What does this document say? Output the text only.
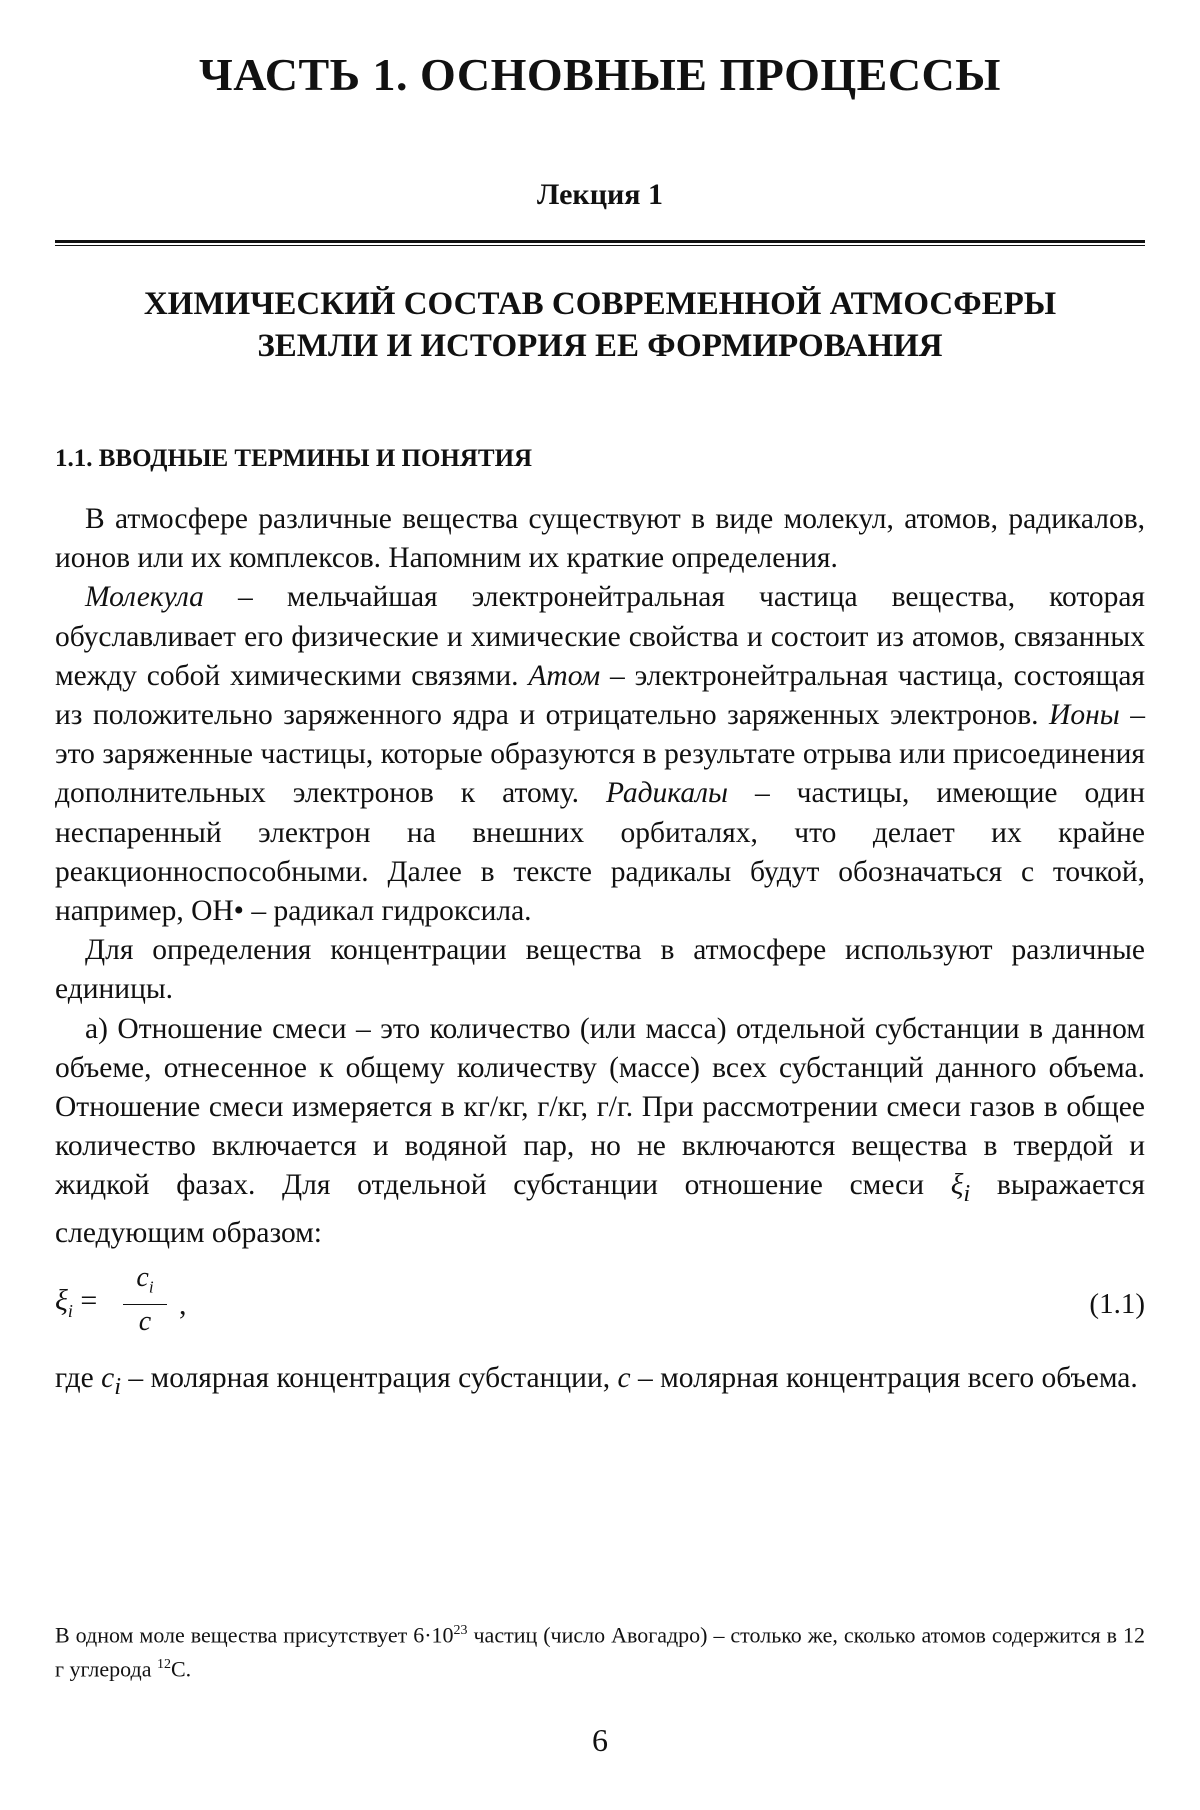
ЧАСТЬ 1. ОСНОВНЫЕ ПРОЦЕССЫ
Лекция 1
ХИМИЧЕСКИЙ СОСТАВ СОВРЕМЕННОЙ АТМОСФЕРЫ
ЗЕМЛИ И ИСТОРИЯ ЕЕ ФОРМИРОВАНИЯ
1.1. ВВОДНЫЕ ТЕРМИНЫ И ПОНЯТИЯ

В атмосфере различные вещества существуют в виде молекул, атомов, радикалов, ионов или их комплексов. Напомним их краткие определения.

Молекула – мельчайшая электронейтральная частица вещества, которая обуславливает его физические и химические свойства и состоит из атомов, связанных между собой химическими связями. Атом – электронейтральная частица, состоящая из положительно заряженного ядра и отрицательно заряженных электронов. Ионы – это заряженные частицы, которые образуются в результате отрыва или присоединения дополнительных электронов к атому. Радикалы – частицы, имеющие один неспаренный электрон на внешних орбиталях, что делает их крайне реакционноспособными. Далее в тексте радикалы будут обозначаться с точкой, например, ОН• – радикал гидроксила.

Для определения концентрации вещества в атмосфере используют различные единицы.

а) Отношение смеси – это количество (или масса) отдельной субстанции в данном объеме, отнесенное к общему количеству (массе) всех субстанций данного объема. Отношение смеси измеряется в кг/кг, г/кг, г/г. При рассмотрении смеси газов в общее количество включается и водяной пар, но не включаются вещества в твердой и жидкой фазах. Для отдельной субстанции отношение смеси $\xi_i$ выражается следующим образом:

$\xi_i$ =
$c_i$
c
,	(1.1)

где $c_i$ – молярная концентрация субстанции, c – молярная концентрация всего объема.

В одном моле вещества присутствует $6\cdot 10^{23}$ частиц (число Авогадро) – столько же, сколько атомов содержится в 12 г углерода $^{12}$С.
6
